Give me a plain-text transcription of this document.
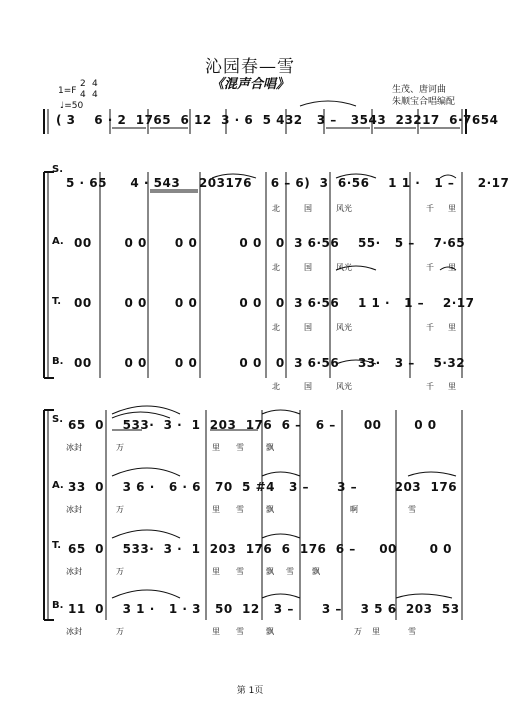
沁园春—雪
《混声合唱》	生茂、唐诃曲
朱顺宝合唱编配
1=F
2
4
4
4
♩=50
( 3 6 · 2 1765 6 12 3 · 6 5 432 3 – 3543 23217 6·7654
S.
5 · 65 4 · 543 203176 6 – 6) 3 6·56 1 1 · 1 – 2·17
A. 00	0 0 0 0	0 0 0 3 6·56 55· 5 – 7·65
T. 00	0 0 0 0	0 0 0 3 6·56 1 1 · 1 – 2·17
B. 00	0 0 0 0	0 0 0 3 6·56 33· 3 – 5·32
北	国	风光	千 里
北	国	风光	千 里
北	国	风光	千 里
北	国	风光	千 里
S. 65 0 533· 3 · 1 203 176 6 – 6 – 00	0 0
冰封	万	里 雪	飘
A. 33 0 3 6 · 6 · 6 70 5 #4 3 – 3 –	203 176
冰封	万	里 雪	飘	啊	雪
T. 65 0 533· 3 · 1 203 176 6 176 6 – 00	0 0
冰封	万	里 雪	飘 雪 飘
B. 11 0 3 1 · 1 · 3 50 12 3 – 3 – 3 5 6 203 53
冰封	万	里 雪	飘	万 里	雪
第 1页
